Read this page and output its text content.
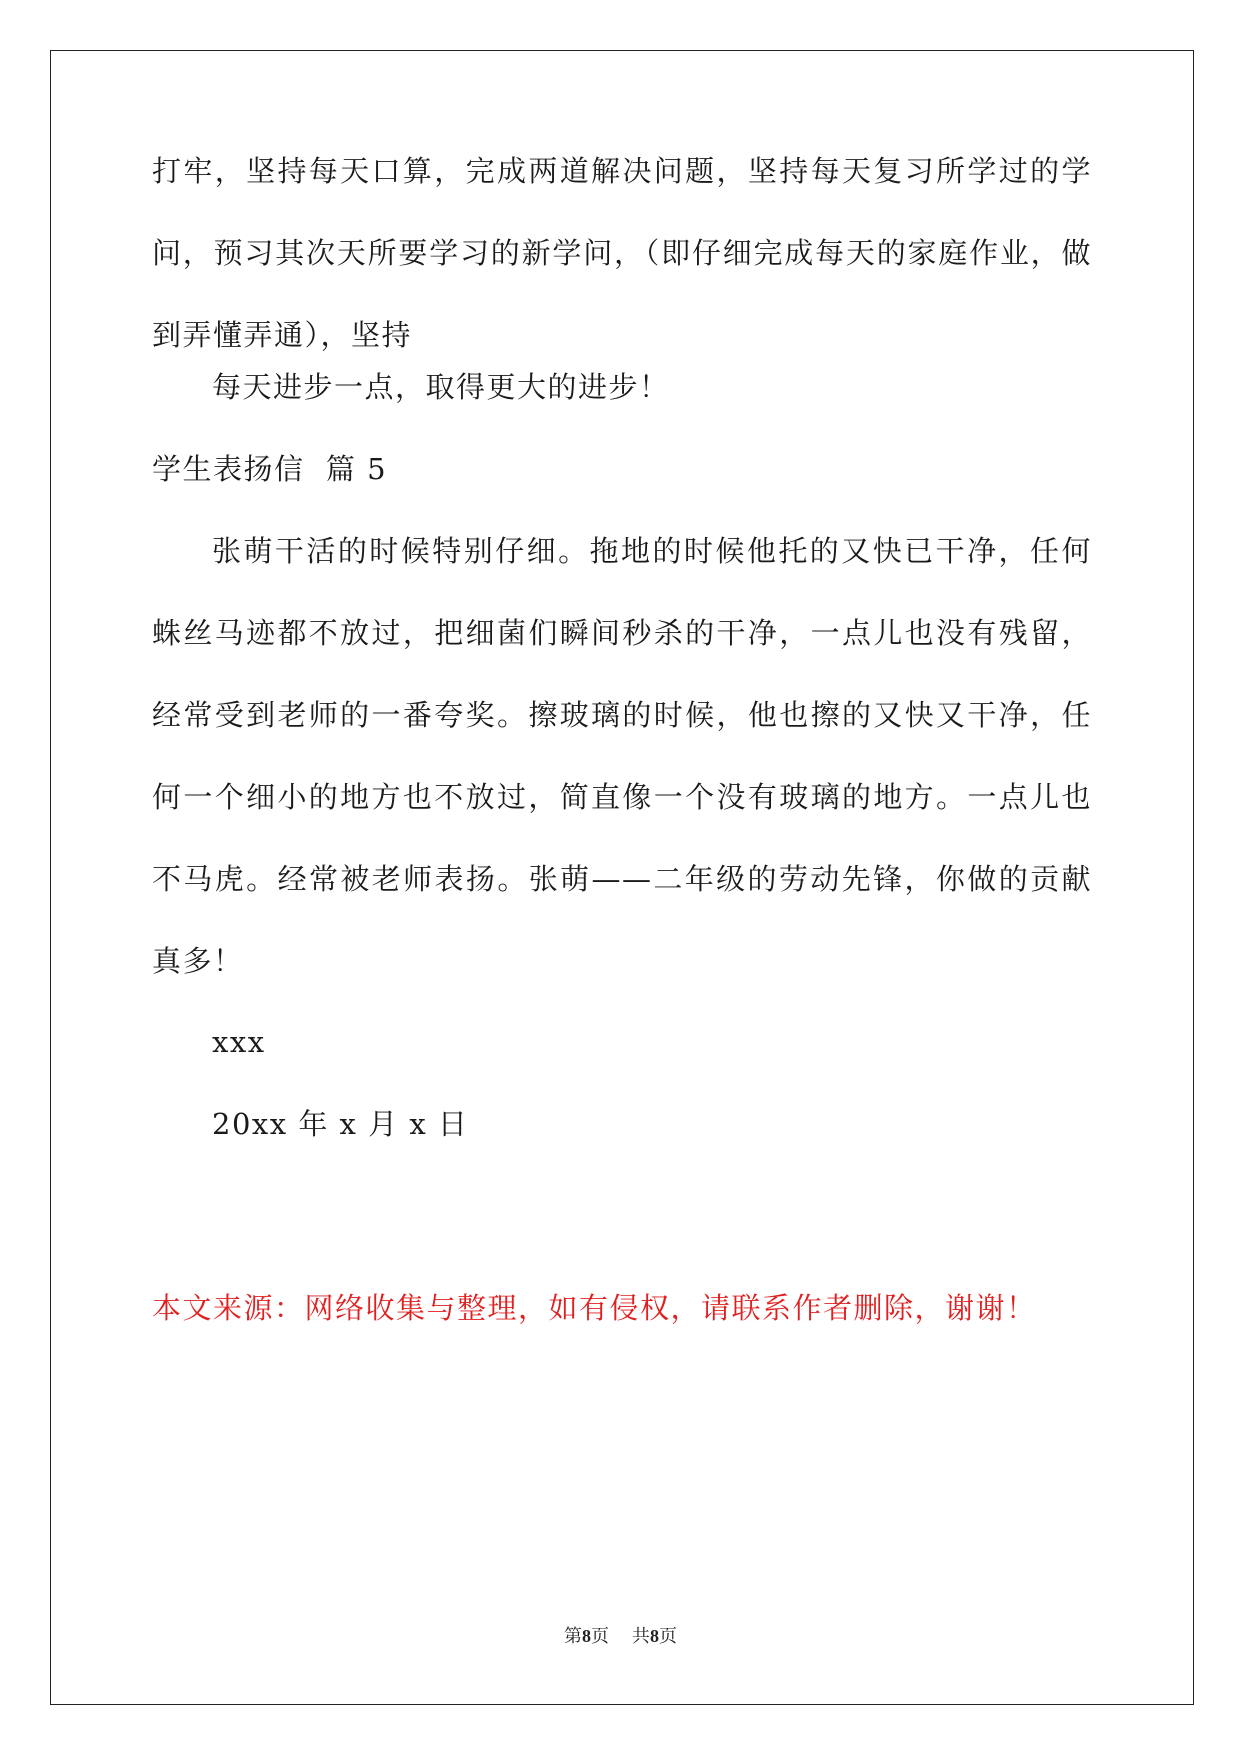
打牢，坚持每天口算，完成两道解决问题，坚持每天复习所学过的学
问，预习其次天所要学习的新学问，（即仔细完成每天的家庭作业，做
到弄懂弄通），坚持
每天进步一点，取得更大的进步！
学生表扬信  篇 5
张萌干活的时候特别仔细。拖地的时候他托的又快已干净，任何
蛛丝马迹都不放过，把细菌们瞬间秒杀的干净，一点儿也没有残留，
经常受到老师的一番夸奖。擦玻璃的时候，他也擦的又快又干净，任
何一个细小的地方也不放过，简直像一个没有玻璃的地方。一点儿也
不马虎。经常被老师表扬。张萌——二年级的劳动先锋，你做的贡献
真多！
xxx
20xx 年 x 月 x 日

本文来源：网络收集与整理，如有侵权，请联系作者删除，谢谢！

第8页    共8页
